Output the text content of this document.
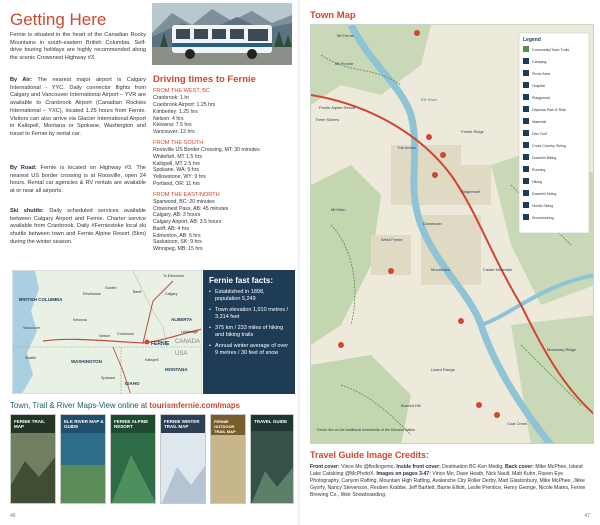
Getting Here

Fernie is situated in the heart of the Canadian Rocky Mountains in south-eastern British Columbia. Self-drive touring holidays are highly recommended along the scenic Crowsnest Highway #3.

By Air: The nearest major airport is Calgary International - YYC. Daily connector flights from Calgary and Vancouver International Airport – YVR are available to Cranbrook Airport (Canadian Rockies International – YXC), located 1.25 hours from Fernie. Visitors can also arrive via Glacier International Airport in Kalispell, Montana or Spokane, Washington and travel to Fernie by rental car.

By Road: Fernie is located on Highway #3. The nearest US border crossing is at Roosville, open 24 hours. Rental car agencies & RV rentals are available at or near all airports.

Ski shuttle: Daily scheduled services available between Calgary Airport and Fernie. Charter service available from Cranbrook. Daily #Ferniestoke local ski shuttle between town and Fernie Alpine Resort (5km) during the winter season.

Driving times to Fernie
FROM THE WEST, BC
Cranbrook: 1 hr
Cranbrook Airport: 1.25 hrs
Kimberley: 1.25 hrs
Nelson: 4 hrs
Kelowna: 7.5 hrs
Vancouver: 12 hrs
FROM THE SOUTH
Roosville US Border Crossing, MT: 30 minutes
Whitefish, MT 1.5 hrs
Kalispell, MT 2.5 hrs
Spokane, WA: 5 hrs
Yellowstone, WY: 9 hrs
Portland, OR: 11 hrs
FROM THE EAST/NORTH
Sparwood, BC: 20 minutes
Crowsnest Pass, AB: 45 minutes
Calgary, AB: 3 hours
Calgary Airport, AB: 3.5 hours
Banff, AB: 4 hrs
Edmonton, AB: 6 hrs
Saskatoon, SK: 9 hrs
Winnipeg, MB: 15 hrs
BRITISH COLUMBIA
ALBERTA
FERNIE CANADA
USA
WASHINGTON
MONTANA
IDAHO
Calgary
To Edmonton
Banff
Golden
Revelstoke
Kelowna
Vancouver
Cranbrook
Nelson
Lethbridge
Spokane
Seattle	Kalispell
Fernie fast facts:
• Established in 1898, population 5,249
• Town elevation 1,010 metres / 3,314 feet
• 375 km / 233 miles of hiking and biking trails
• Annual winter average of over 9 metres / 30 feet of snow
Town, Trail & River Maps-View online at tourismfernie.com/maps
FERNIE TRAIL MAP
ELK RIVER MAP & GUIDE
FERNIE ALPINE RESORT
FERNIE WINTER TRAIL MAP
FERNIE OUTDOOR TRAIL MAP
TRAVEL GUIDE
46
Town Map
Legend
Community/Town Trails
Camping
Picnic Area
Hospital
Playground
Disposal Park & Ride
Waterfall
Disc Golf
Cross Country Skiing
Downhill Biking
Running
Hiking
Downhill Skiing
Nordic Skiing
Snowshoeing
Mt Fernie
Mt Proctor
Fernie Ridge
Mt Klein
Morrissey Ridge
Fernie Alpine Resort
The Annex
Ridgemont
West Fernie
Downtown
Mountview	Castle Mountain
Lizard Range
Three Sisters
Burned Hill
Coal Creek
Elk River
Fernie lies on the traditional homelands of the Ktunaxa Nation
Travel Guide Image Credits:

Front cover: Vince Mo @findingvmo. Inside front cover: Destination BC-Ken Medig. Back cover: Mike McPhee, Island Lake Catskiing @McPhotoX. Images on pages 3-47: Vince Mo, Dave Heath, Nick Nault, Matt Kuhn, Raven Eye Photography, Canyon Rafting, Mountain High Rafting, Avalanche City Roller Derby, Matt Glastonbury, Mike McPhee, Jikke Gyorfy, Nancy Stevenson, Reuben Krabbe, Jeff Bartlett, Barrie Elliott, Leslie Prentice, Henry George, Nicole Mates, Fernie Brewing Co., Weir Snowboarding.

47
